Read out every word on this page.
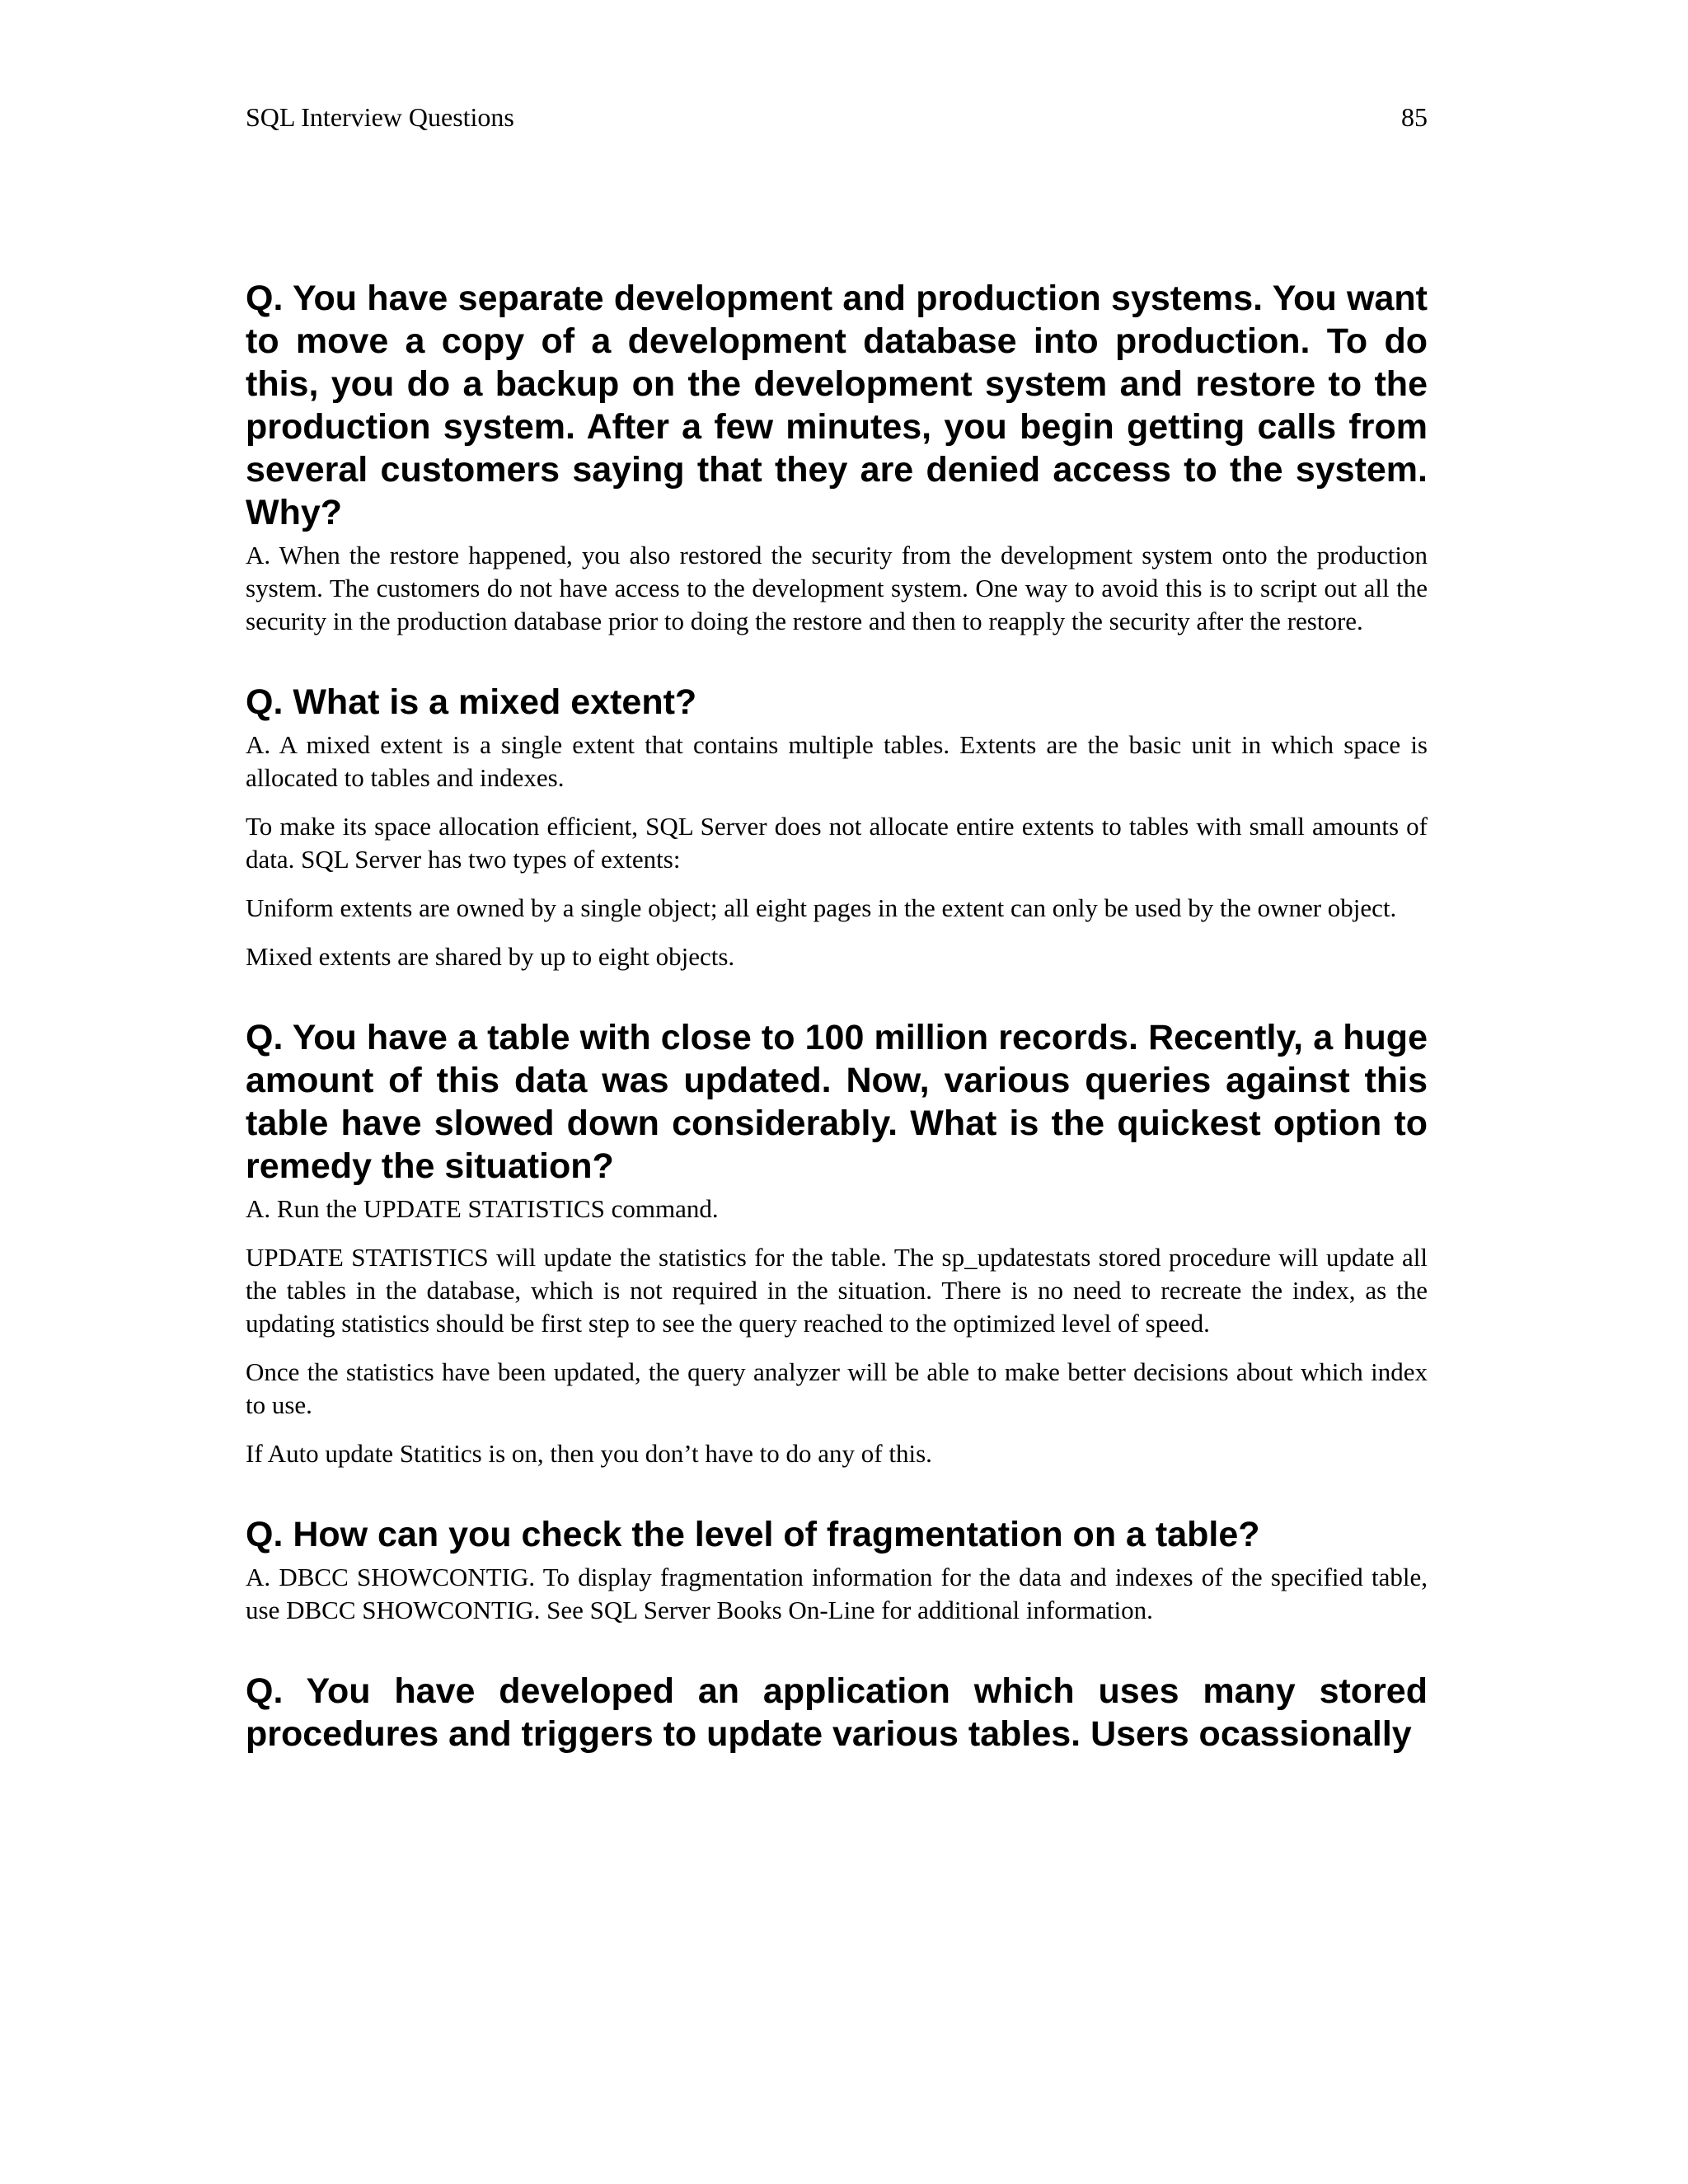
SQL Interview Questions	85

Q. You have separate development and production systems. You want to move a copy of a development database into production. To do this, you do a backup on the development system and restore to the production system. After a few minutes, you begin getting calls from several customers saying that they are denied access to the system. Why?

A. When the restore happened, you also restored the security from the development system onto the production system. The customers do not have access to the development system. One way to avoid this is to script out all the security in the production database prior to doing the restore and then to reapply the security after the restore.

Q. What is a mixed extent?

A. A mixed extent is a single extent that contains multiple tables. Extents are the basic unit in which space is allocated to tables and indexes.

To make its space allocation efficient, SQL Server does not allocate entire extents to tables with small amounts of data. SQL Server has two types of extents:

Uniform extents are owned by a single object; all eight pages in the extent can only be used by the owner object.

Mixed extents are shared by up to eight objects.

Q. You have a table with close to 100 million records. Recently, a huge amount of this data was updated. Now, various queries against this table have slowed down considerably. What is the quickest option to remedy the situation?

A. Run the UPDATE STATISTICS command.

UPDATE STATISTICS will update the statistics for the table. The sp_updatestats stored procedure will update all the tables in the database, which is not required in the situation. There is no need to recreate the index, as the updating statistics should be first step to see the query reached to the optimized level of speed.

Once the statistics have been updated, the query analyzer will be able to make better decisions about which index to use.

If Auto update Statitics is on, then you don’t have to do any of this.

Q. How can you check the level of fragmentation on a table?

A. DBCC SHOWCONTIG. To display fragmentation information for the data and indexes of the specified table, use DBCC SHOWCONTIG. See SQL Server Books On-Line for additional information.

Q. You have developed an application which uses many stored procedures and triggers to update various tables. Users ocassionally
